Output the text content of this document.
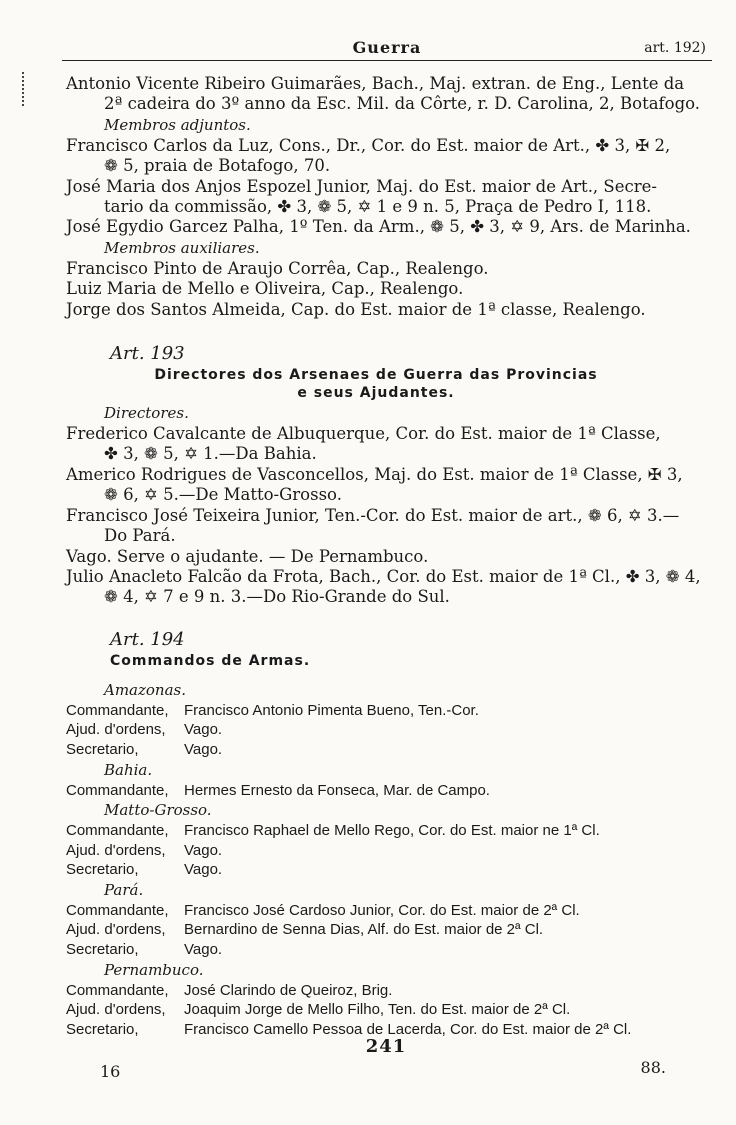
Guerra	art. 192)
Antonio Vicente Ribeiro Guimarães, Bach., Maj. extran. de Eng., Lente da
2ª cadeira do 3º anno da Esc. Mil. da Côrte, r. D. Carolina, 2, Botafogo.
Membros adjuntos.
Francisco Carlos da Luz, Cons., Dr., Cor. do Est. maior de Art., ✤ 3, ✠ 2,
❁ 5, praia de Botafogo, 70.
José Maria dos Anjos Espozel Junior, Maj. do Est. maior de Art., Secre-
tario da commissão, ✤ 3, ❁ 5, ✡ 1 e 9 n. 5, Praça de Pedro I, 118.
José Egydio Garcez Palha, 1º Ten. da Arm., ❁ 5, ✤ 3, ✡ 9, Ars. de Marinha.
Membros auxiliares.
Francisco Pinto de Araujo Corrêa, Cap., Realengo.
Luiz Maria de Mello e Oliveira, Cap., Realengo.
Jorge dos Santos Almeida, Cap. do Est. maior de 1ª classe, Realengo.
Art. 193
Directores dos Arsenaes de Guerra das Provincias
e seus Ajudantes.
Directores.
Frederico Cavalcante de Albuquerque, Cor. do Est. maior de 1ª Classe,
✤ 3, ❁ 5, ✡ 1.—Da Bahia.
Americo Rodrigues de Vasconcellos, Maj. do Est. maior de 1ª Classe, ✠ 3,
❁ 6, ✡ 5.—De Matto-Grosso.
Francisco José Teixeira Junior, Ten.-Cor. do Est. maior de art., ❁ 6, ✡ 3.—
Do Pará.
Vago. Serve o ajudante. — De Pernambuco.
Julio Anacleto Falcão da Frota, Bach., Cor. do Est. maior de 1ª Cl., ✤ 3, ❁ 4,
❁ 4, ✡ 7 e 9 n. 3.—Do Rio-Grande do Sul.
Art. 194
Commandos de Armas.
Amazonas.
Commandante, Francisco Antonio Pimenta Bueno, Ten.-Cor.
Ajud. d'ordens, Vago.
Secretario,	Vago.
Bahia.
Commandante, Hermes Ernesto da Fonseca, Mar. de Campo.
Matto-Grosso.
Commandante, Francisco Raphael de Mello Rego, Cor. do Est. maior ne 1ª Cl.
Ajud. d'ordens, Vago.
Secretario,	Vago.
Pará.
Commandante, Francisco José Cardoso Junior, Cor. do Est. maior de 2ª Cl.
Ajud. d'ordens, Bernardino de Senna Dias, Alf. do Est. maior de 2ª Cl.
Secretario,	Vago.
Pernambuco.
Commandante, José Clarindo de Queiroz, Brig.
Ajud. d'ordens, Joaquim Jorge de Mello Filho, Ten. do Est. maior de 2ª Cl.
Secretario,	Francisco Camello Pessoa de Lacerda, Cor. do Est. maior de 2ª Cl.
241
16	88.
